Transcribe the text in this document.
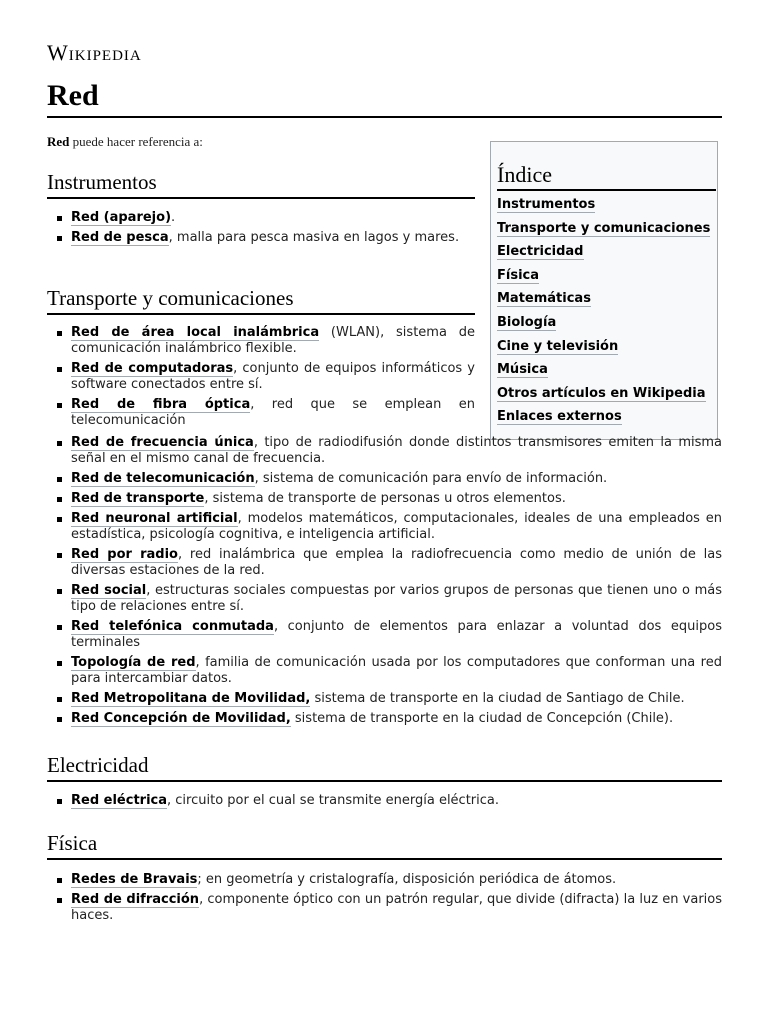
Wikipedia
Red
Red puede hacer referencia a:
Índice
Instrumentos
Transporte y comunicaciones
Electricidad
Física
Matemáticas
Biología
Cine y televisión
Música
Otros artículos en Wikipedia
Enlaces externos
Instrumentos
Red (aparejo).
Red de pesca, malla para pesca masiva en lagos y mares.
Transporte y comunicaciones
Red de área local inalámbrica (WLAN), sistema de comunicación inalámbrico flexible.
Red de computadoras, conjunto de equipos informáticos y software conectados entre sí.
Red de fibra óptica, red que se emplean en telecomunicación
Red de frecuencia única, tipo de radiodifusión donde distintos transmisores emiten la misma señal en el mismo canal de frecuencia.
Red de telecomunicación, sistema de comunicación para envío de información.
Red de transporte, sistema de transporte de personas u otros elementos.
Red neuronal artificial, modelos matemáticos, computacionales, ideales de una empleados en estadística, psicología cognitiva, e inteligencia artificial.
Red por radio, red inalámbrica que emplea la radiofrecuencia como medio de unión de las diversas estaciones de la red.
Red social, estructuras sociales compuestas por varios grupos de personas que tienen uno o más tipo de relaciones entre sí.
Red telefónica conmutada, conjunto de elementos para enlazar a voluntad dos equipos terminales
Topología de red, familia de comunicación usada por los computadores que conforman una red para intercambiar datos.
Red Metropolitana de Movilidad, sistema de transporte en la ciudad de Santiago de Chile.
Red Concepción de Movilidad, sistema de transporte en la ciudad de Concepción (Chile).
Electricidad
Red eléctrica, circuito por el cual se transmite energía eléctrica.
Física
Redes de Bravais; en geometría y cristalografía, disposición periódica de átomos.
Red de difracción, componente óptico con un patrón regular, que divide (difracta) la luz en varios haces.
